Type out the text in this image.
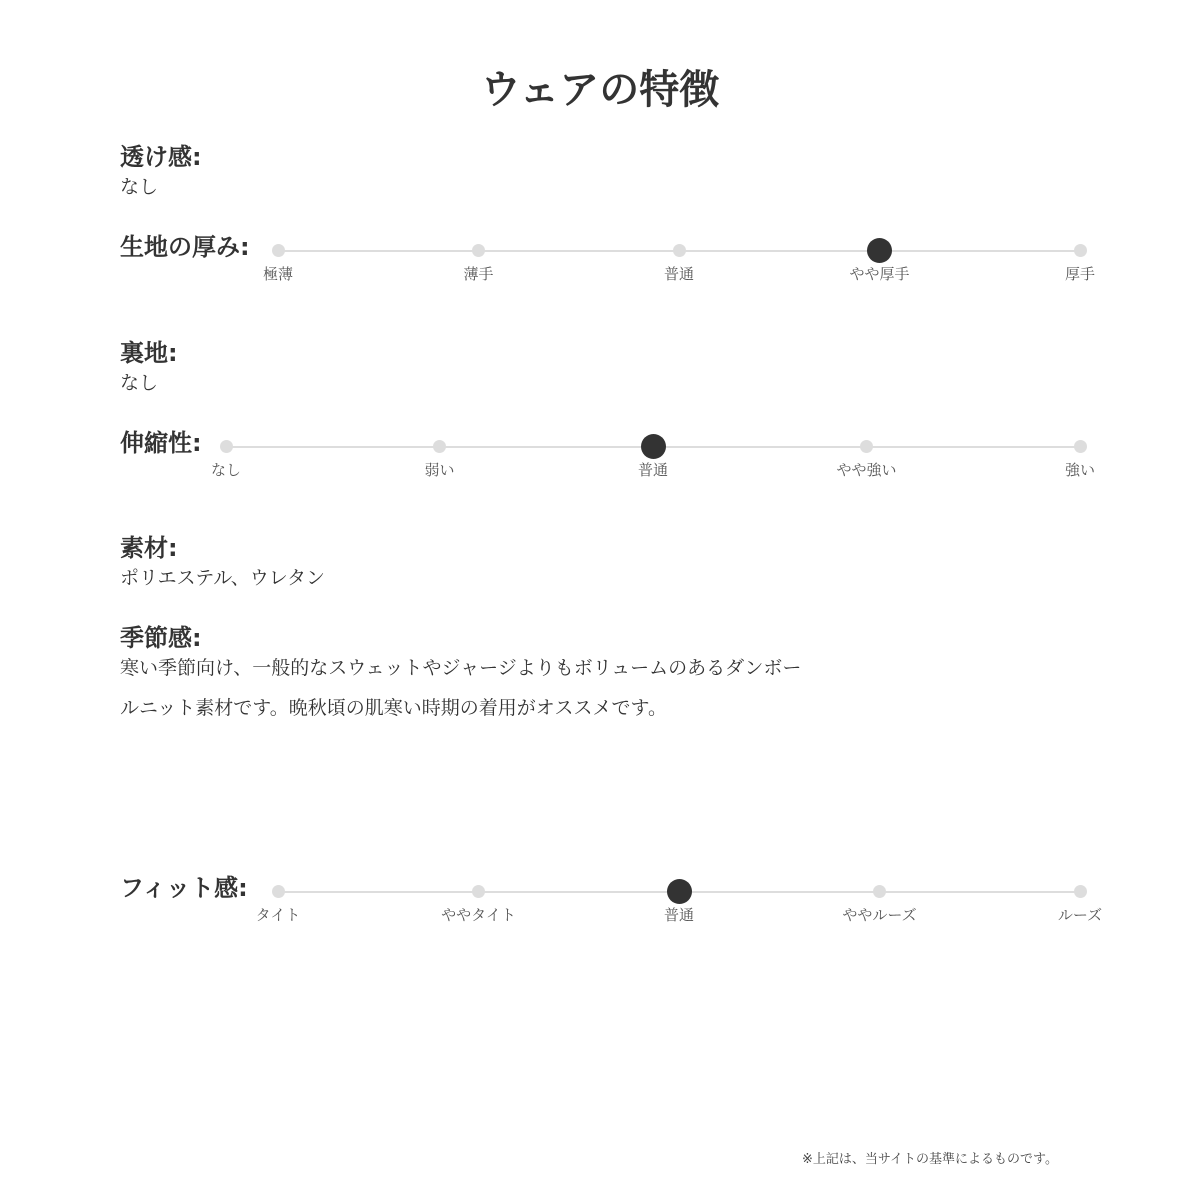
ウェアの特徴
透け感:
なし
生地の厚み:
極薄	薄手	普通	やや厚手	厚手
裏地:
なし
伸縮性:
なし	弱い	普通	やや強い	強い
素材:
ポリエステル、ウレタン
季節感:
寒い季節向け、一般的なスウェットやジャージよりもボリュームのあるダンボー
ルニット素材です。晩秋頃の肌寒い時期の着用がオススメです。
フィット感:
タイト	ややタイト	普通	ややルーズ	ルーズ
※上記は、当サイトの基準によるものです。
